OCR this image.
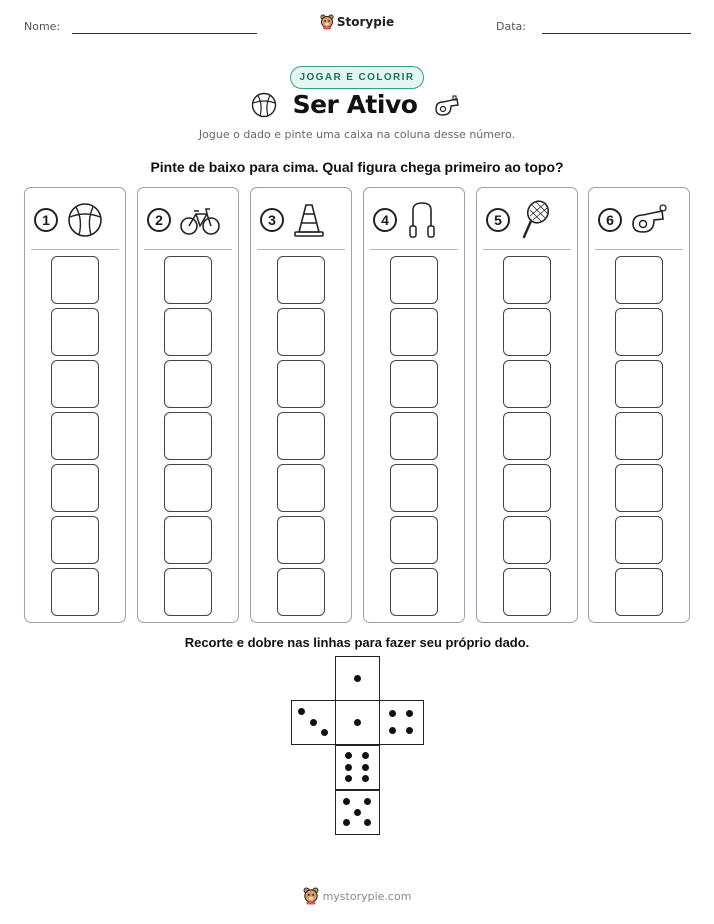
Nome:	Storypie	Data:
JOGAR E COLORIR
Ser Ativo
Jogue o dado e pinte uma caixa na coluna desse número.
Pinte de baixo para cima. Qual figura chega primeiro ao topo?
1	2	3	4	5	6
Recorte e dobre nas linhas para fazer seu próprio dado.
mystorypie.com
